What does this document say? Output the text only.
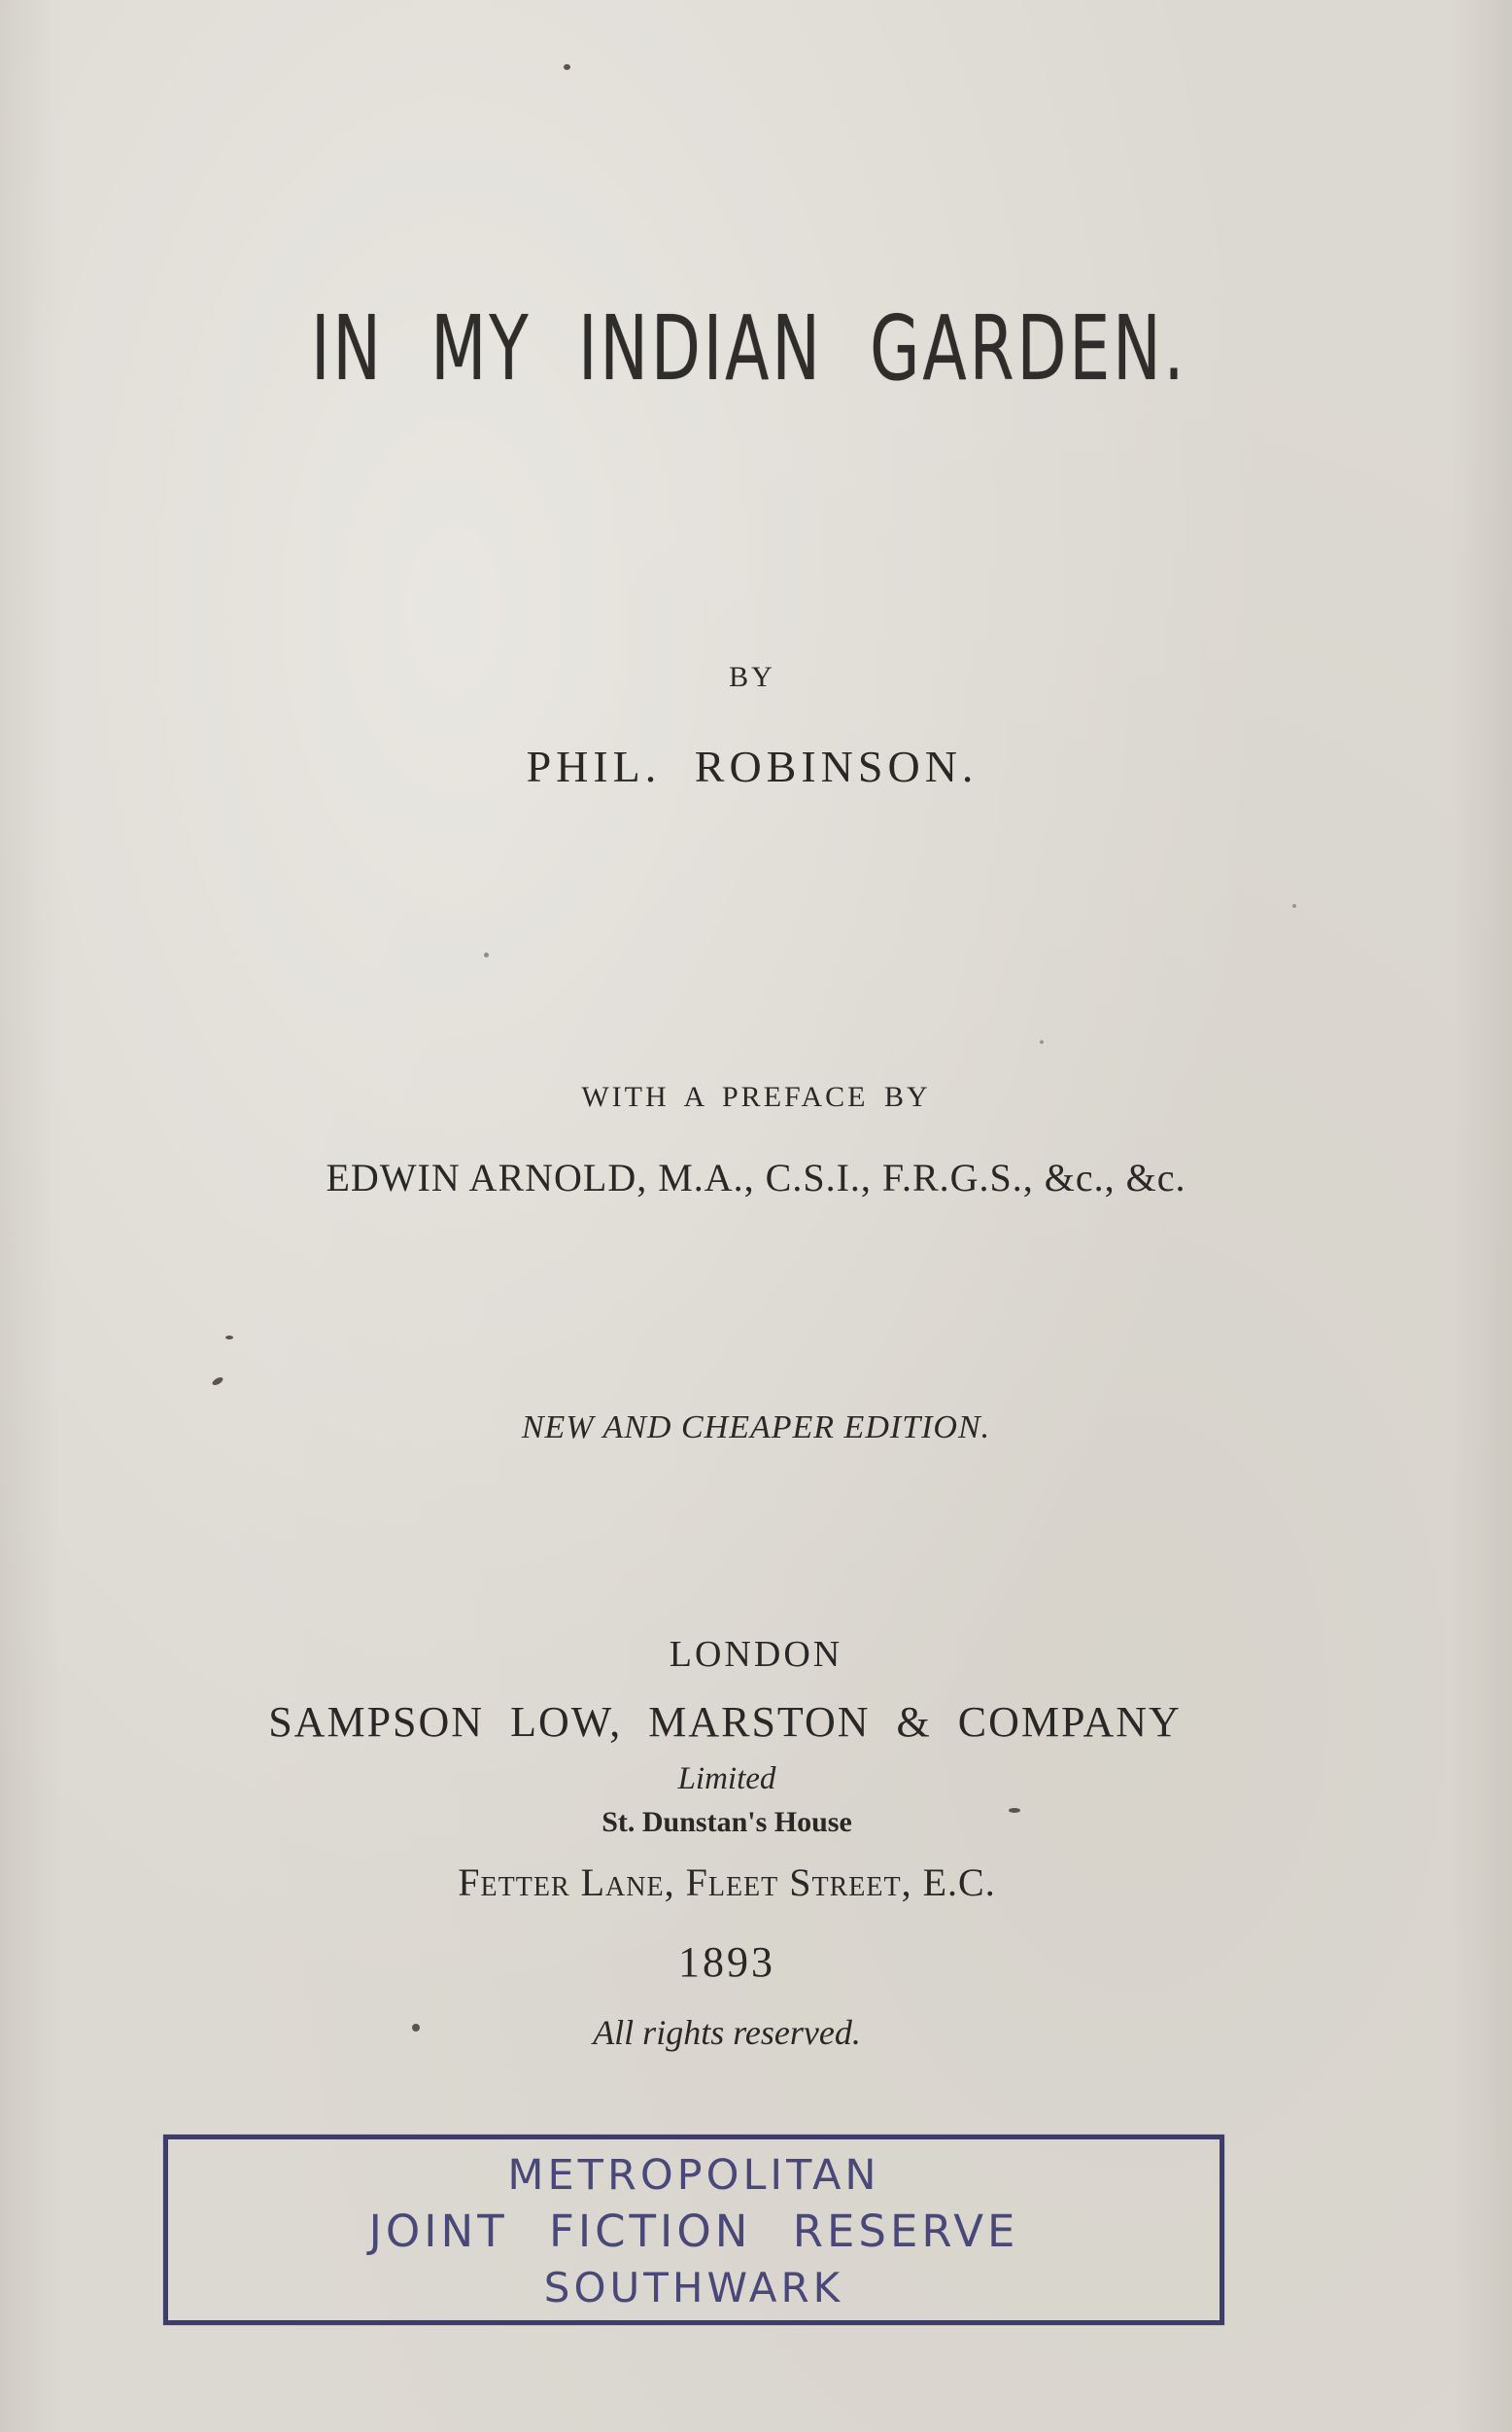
IN MY INDIAN GARDEN.
BY
PHIL. ROBINSON.
WITH A PREFACE BY
EDWIN ARNOLD, M.A., C.S.I., F.R.G.S., &c., &c.
NEW AND CHEAPER EDITION.
LONDON
SAMPSON LOW, MARSTON & COMPANY
Limited
St. Dunstan's House
Fetter Lane, Fleet Street, E.C.
1893
All rights reserved.
METROPOLITAN
JOINT FICTION RESERVE
SOUTHWARK
